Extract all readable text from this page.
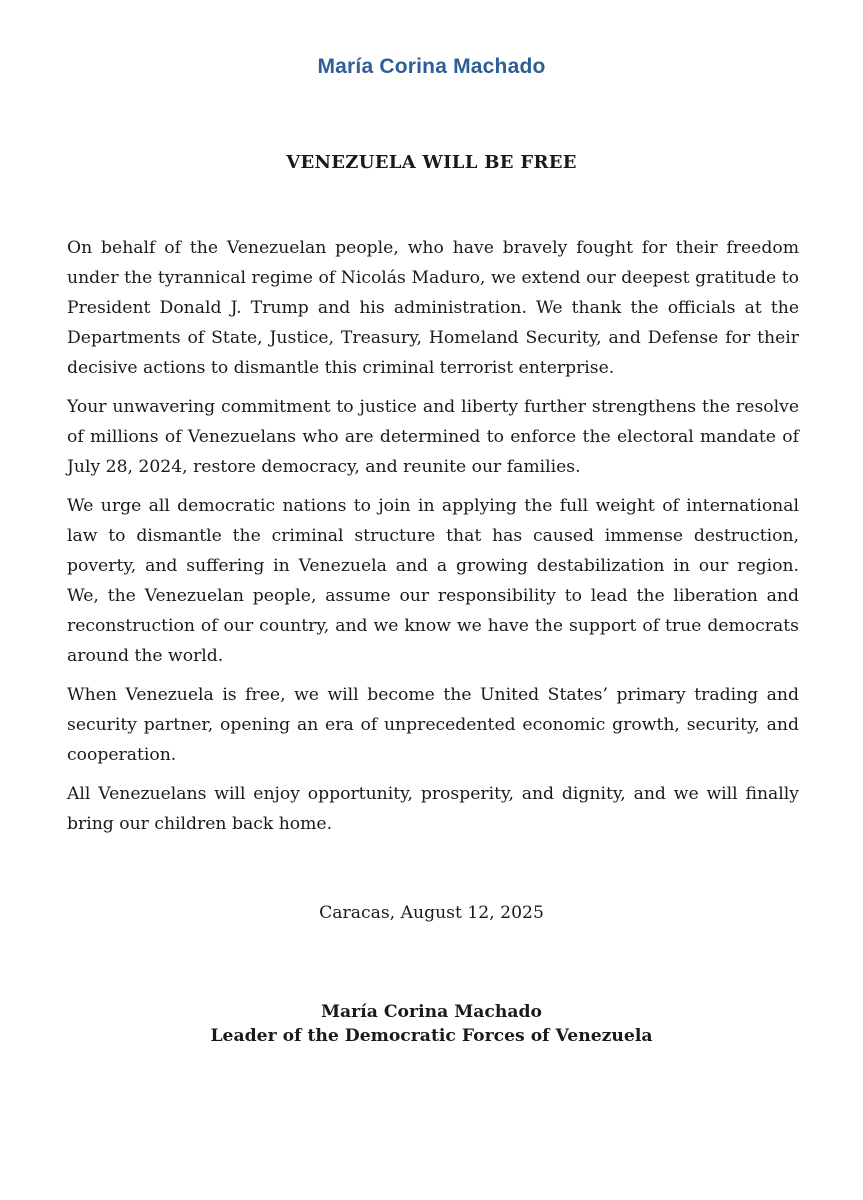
María Corina Machado
VENEZUELA WILL BE FREE

On behalf of the Venezuelan people, who have bravely fought for their freedom under the tyrannical regime of Nicolás Maduro, we extend our deepest gratitude to President Donald J. Trump and his administration. We thank the officials at the Departments of State, Justice, Treasury, Homeland Security, and Defense for their decisive actions to dismantle this criminal terrorist enterprise.

Your unwavering commitment to justice and liberty further strengthens the resolve of millions of Venezuelans who are determined to enforce the electoral mandate of July 28, 2024, restore democracy, and reunite our families.

We urge all democratic nations to join in applying the full weight of international law to dismantle the criminal structure that has caused immense destruction, poverty, and suffering in Venezuela and a growing destabilization in our region. We, the Venezuelan people, assume our responsibility to lead the liberation and reconstruction of our country, and we know we have the support of true democrats around the world.

When Venezuela is free, we will become the United States’ primary trading and security partner, opening an era of unprecedented economic growth, security, and cooperation.

All Venezuelans will enjoy opportunity, prosperity, and dignity, and we will finally bring our children back home.

Caracas, August 12, 2025
María Corina Machado
Leader of the Democratic Forces of Venezuela
